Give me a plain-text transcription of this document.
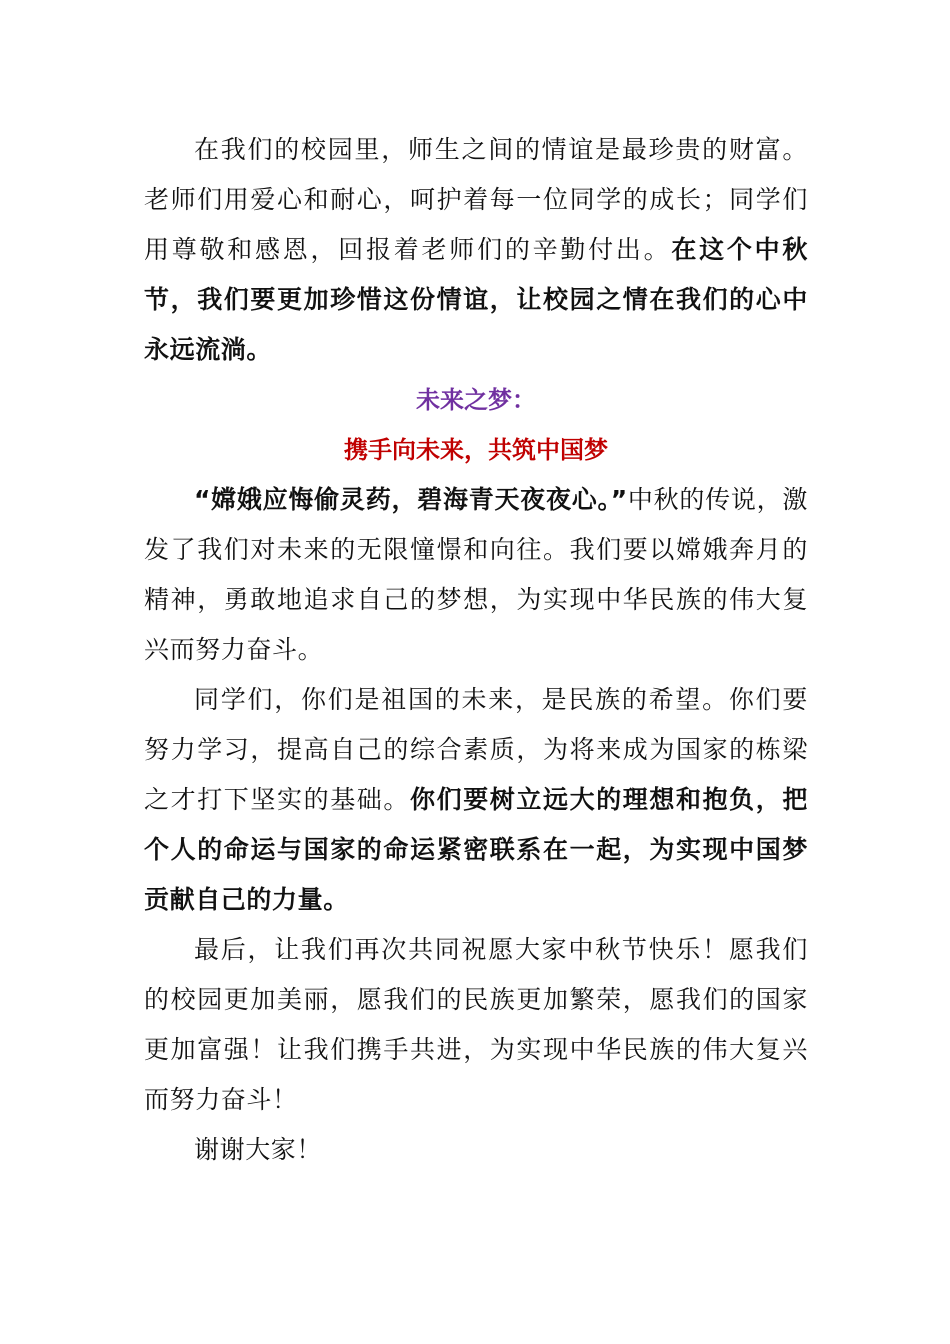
在我们的校园里，师生之间的情谊是最珍贵的财富。老师们用爱心和耐心，呵护着每一位同学的成长；同学们用尊敬和感恩，回报着老师们的辛勤付出。在这个中秋节，我们要更加珍惜这份情谊，让校园之情在我们的心中永远流淌。

未来之梦：

携手向未来，共筑中国梦

“嫦娥应悔偷灵药，碧海青天夜夜心。”中秋的传说，激发了我们对未来的无限憧憬和向往。我们要以嫦娥奔月的精神，勇敢地追求自己的梦想，为实现中华民族的伟大复兴而努力奋斗。

同学们，你们是祖国的未来，是民族的希望。你们要努力学习，提高自己的综合素质，为将来成为国家的栋梁之才打下坚实的基础。你们要树立远大的理想和抱负，把个人的命运与国家的命运紧密联系在一起，为实现中国梦贡献自己的力量。

最后，让我们再次共同祝愿大家中秋节快乐！愿我们的校园更加美丽，愿我们的民族更加繁荣，愿我们的国家更加富强！让我们携手共进，为实现中华民族的伟大复兴而努力奋斗！

谢谢大家！
